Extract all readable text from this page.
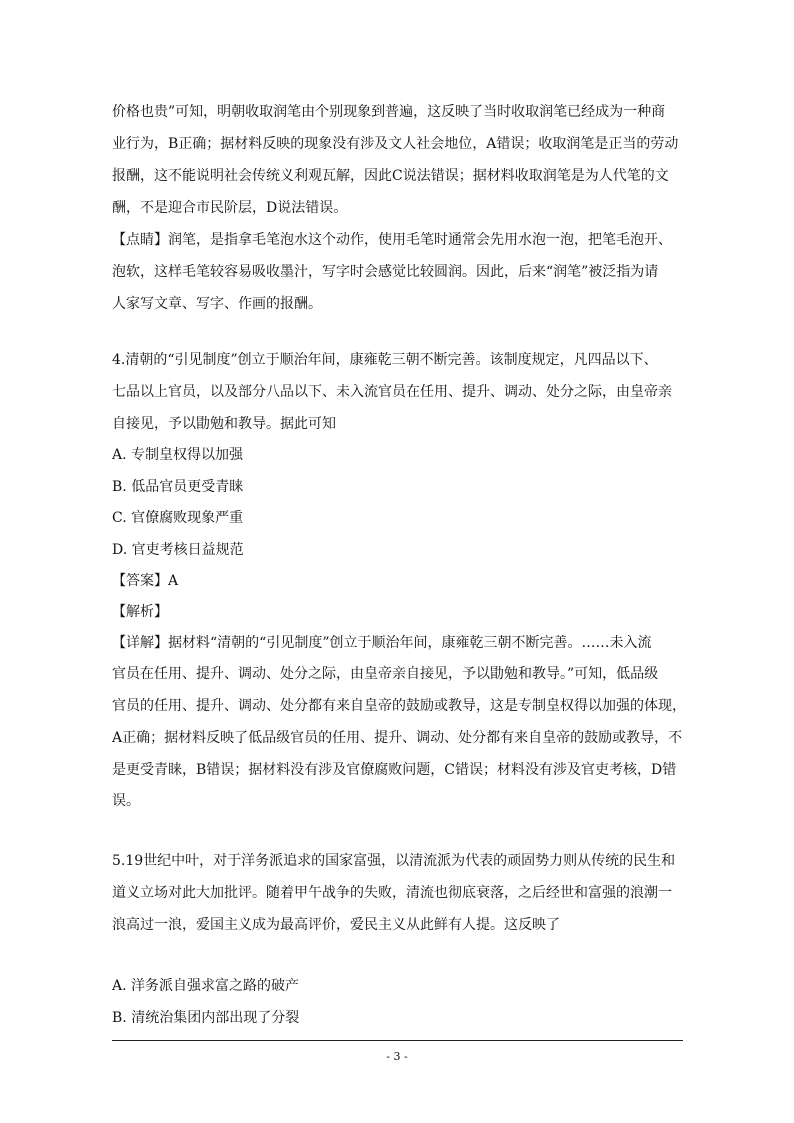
价格也贵”可知，明朝收取润笔由个别现象到普遍，这反映了当时收取润笔已经成为一种商
业行为，B正确；据材料反映的现象没有涉及文人社会地位，A错误；收取润笔是正当的劳动
报酬，这不能说明社会传统义利观瓦解，因此C说法错误；据材料收取润笔是为人代笔的文
酬，不是迎合市民阶层，D说法错误。
【点睛】润笔，是指拿毛笔泡水这个动作，使用毛笔时通常会先用水泡一泡，把笔毛泡开、
泡软，这样毛笔较容易吸收墨汁，写字时会感觉比较圆润。因此，后来“润笔”被泛指为请
人家写文章、写字、作画的报酬。
4.清朝的“引见制度”创立于顺治年间，康雍乾三朝不断完善。该制度规定，凡四品以下、
七品以上官员，以及部分八品以下、未入流官员在任用、提升、调动、处分之际，由皇帝亲
自接见，予以勖勉和教导。据此可知
A. 专制皇权得以加强
B. 低品官员更受青睐
C. 官僚腐败现象严重
D. 官吏考核日益规范
【答案】A
【解析】
【详解】据材料“清朝的“引见制度”创立于顺治年间，康雍乾三朝不断完善。……未入流
官员在任用、提升、调动、处分之际，由皇帝亲自接见，予以勖勉和教导。”可知，低品级
官员的任用、提升、调动、处分都有来自皇帝的鼓励或教导，这是专制皇权得以加强的体现，
A正确；据材料反映了低品级官员的任用、提升、调动、处分都有来自皇帝的鼓励或教导，不
是更受青睐，B错误；据材料没有涉及官僚腐败问题，C错误；材料没有涉及官吏考核，D错
误。
5.19世纪中叶，对于洋务派追求的国家富强，以清流派为代表的顽固势力则从传统的民生和
道义立场对此大加批评。随着甲午战争的失败，清流也彻底衰落，之后经世和富强的浪潮一
浪高过一浪，爱国主义成为最高评价，爱民主义从此鲜有人提。这反映了
A. 洋务派自强求富之路的破产
B. 清统治集团内部出现了分裂
- 3 -
